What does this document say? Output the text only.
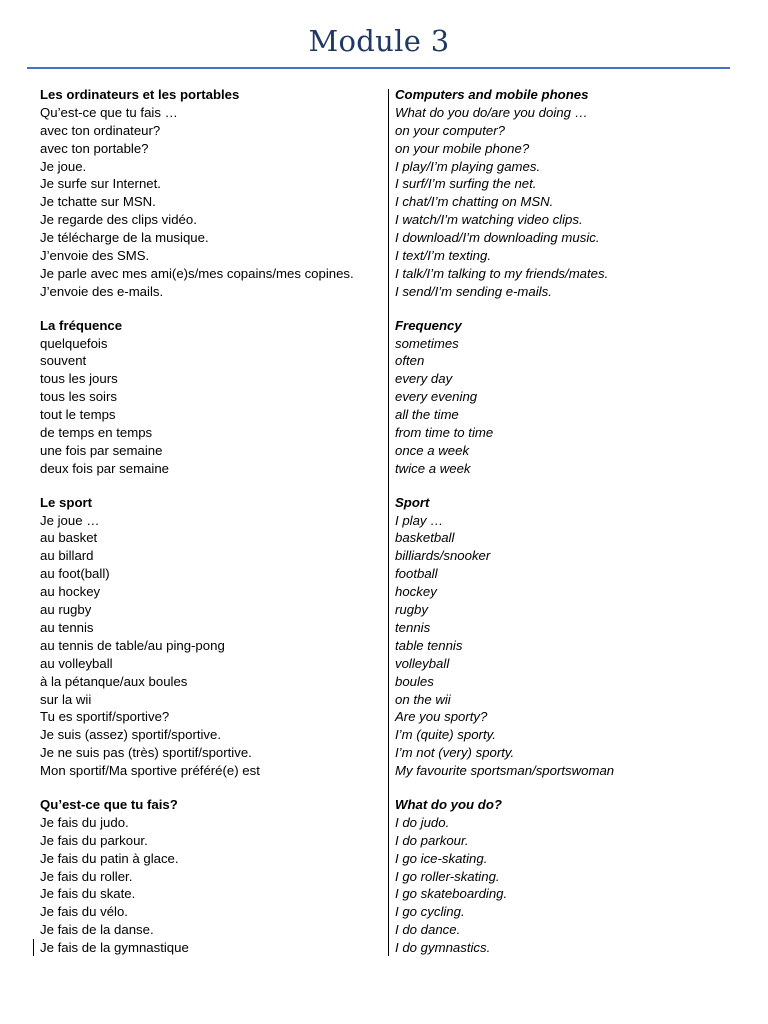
Module 3
Les ordinateurs et les portables
Qu’est-ce que tu fais …
avec ton ordinateur?
avec ton portable?
Je joue.
Je surfe sur Internet.
Je tchatte sur MSN.
Je regarde des clips vidéo.
Je télécharge de la musique.
J’envoie des SMS.
Je parle avec mes ami(e)s/mes copains/mes copines.
J’envoie des e-mails.
La fréquence
quelquefois
souvent
tous les jours
tous les soirs
tout le temps
de temps en temps
une fois par semaine
deux fois par semaine
Le sport
Je joue …
au basket
au billard
au foot(ball)
au hockey
au rugby
au tennis
au tennis de table/au ping-pong
au volleyball
à la pétanque/aux boules
sur la wii
Tu es sportif/sportive?
Je suis (assez) sportif/sportive.
Je ne suis pas (très) sportif/sportive.
Mon sportif/Ma sportive préféré(e) est
Qu’est-ce que tu fais?
Je fais du judo.
Je fais du parkour.
Je fais du patin à glace.
Je fais du roller.
Je fais du skate.
Je fais du vélo.
Je fais de la danse.
Je fais de la gymnastique
Computers and mobile phones
What do you do/are you doing …
on your computer?
on your mobile phone?
I play/I’m playing games.
I surf/I’m surfing the net.
I chat/I’m chatting on MSN.
I watch/I’m watching video clips.
I download/I’m downloading music.
I text/I’m texting.
I talk/I’m talking to my friends/mates.
I send/I’m sending e-mails.
Frequency
sometimes
often
every day
every evening
all the time
from time to time
once a week
twice a week
Sport
I play …
basketball
billiards/snooker
football
hockey
rugby
tennis
table tennis
volleyball
boules
on the wii
Are you sporty?
I’m (quite) sporty.
I’m not (very) sporty.
My favourite sportsman/sportswoman
What do you do?
I do judo.
I do parkour.
I go ice-skating.
I go roller-skating.
I go skateboarding.
I go cycling.
I do dance.
I do gymnastics.
